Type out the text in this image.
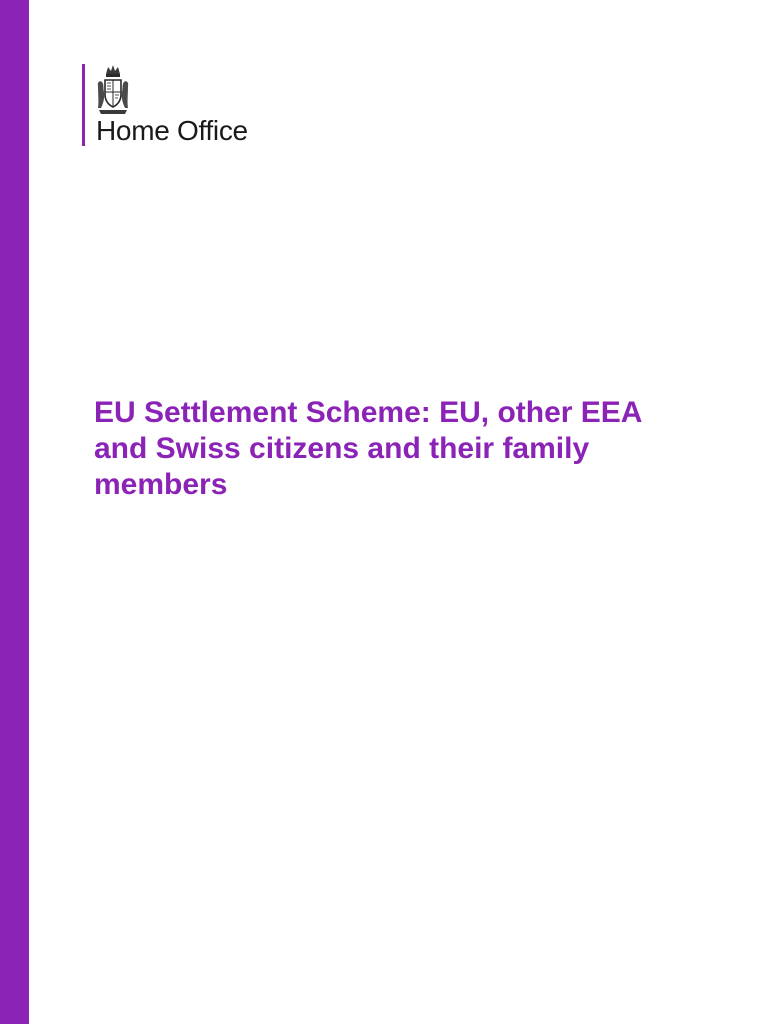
Home Office
EU Settlement Scheme: EU, other EEA and Swiss citizens and their family members
